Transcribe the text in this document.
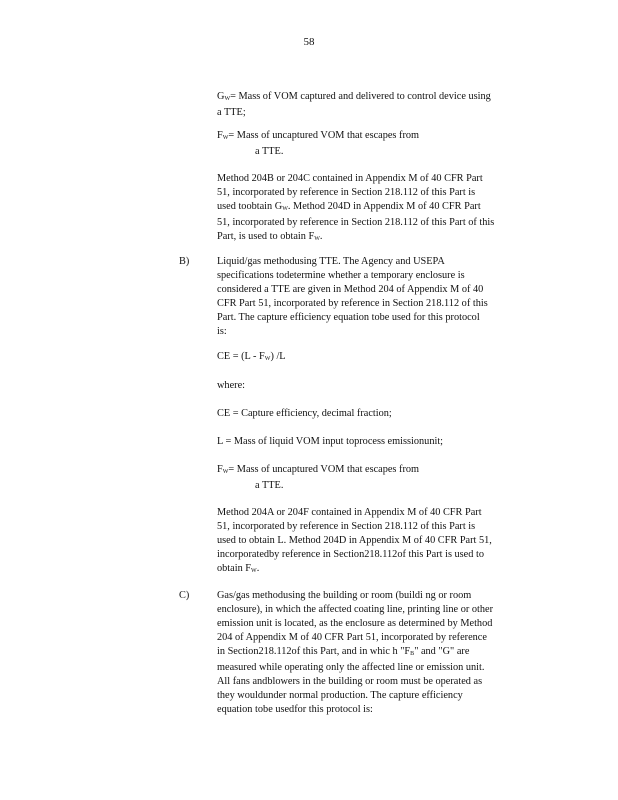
58
$G_W=$ Mass of VOM captured and delivered to control device using
a TTE;
$F_W=$ Mass of uncaptured VOM that escapes from
a TTE.
Method 204B or 204C contained in Appendix M of 40 CFR Part
51, incorporated by reference in Section 218.112 of this Part is
used toobtain $G_W$. Method 204D in Appendix M of 40 CFR Part
51, incorporated by reference in Section 218.112 of this Part of this
Part, is used to obtain $F_W$.
B)	Liquid/gas methodusing TTE. The Agency and USEPA
specifications todetermine whether a temporary enclosure is
considered a TTE are given in Method 204 of Appendix M of 40
CFR Part 51, incorporated by reference in Section 218.112 of this
Part. The capture efficiency equation tobe used for this protocol
is:
CE = $(L - F_W)$ /L
where:
CE = Capture efficiency, decimal fraction;
L = Mass of liquid VOM input toprocess emissionunit;
$F_W=$ Mass of uncaptured VOM that escapes from
a TTE.
Method 204A or 204F contained in Appendix M of 40 CFR Part
51, incorporated by reference in Section 218.112 of this Part is
used to obtain L. Method 204D in Appendix M of 40 CFR Part 51,
incorporatedby reference in Section218.112of this Part is used to
obtain $F_W$.
C)	Gas/gas methodusing the building or room (buildi ng or room
enclosure), in which the affected coating line, printing line or other
emission unit is located, as the enclosure as determined by Method
204 of Appendix M of 40 CFR Part 51, incorporated by reference
in Section218.112of this Part, and in whic h "$F_B$" and "G" are
measured while operating only the affected line or emission unit.
All fans andblowers in the building or room must be operated as
they wouldunder normal production. The capture efficiency
equation tobe usedfor this protocol is:
